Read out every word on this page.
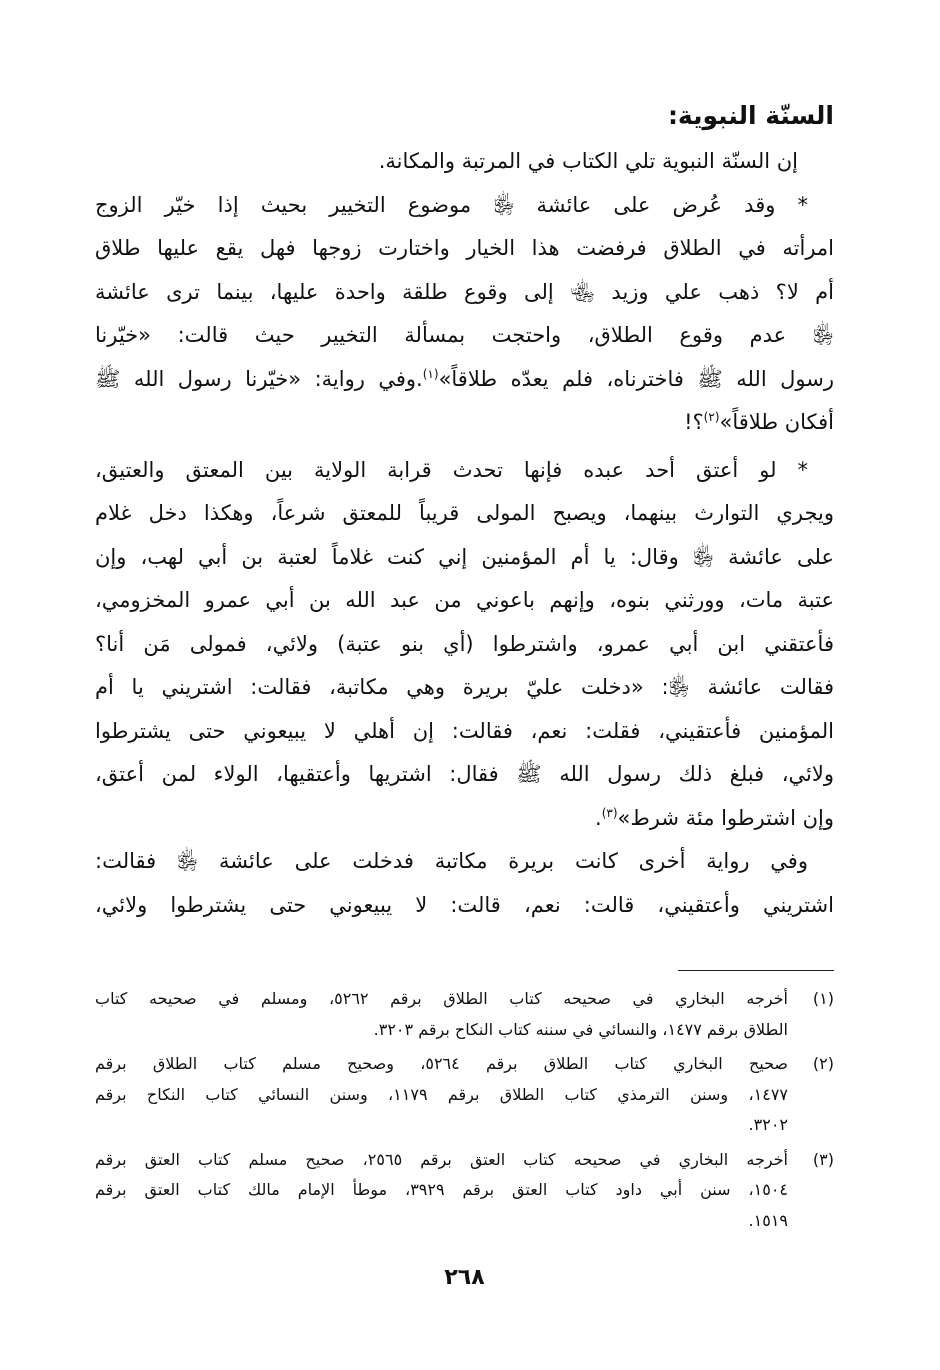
السنّة النبوية:

إن السنّة النبوية تلي الكتاب في المرتبة والمكانة.

* وقد عُرض على عائشة ﵂ موضوع التخيير بحيث إذا خيّر الزوج
امرأته في الطلاق فرفضت هذا الخيار واختارت زوجها فهل يقع عليها طلاق
أم لا؟ ذهب علي وزيد ﵄ إلى وقوع طلقة واحدة عليها، بينما ترى عائشة
﵂ عدم وقوع الطلاق، واحتجت بمسألة التخيير حيث قالت: «خيّرنا
رسول الله ﷺ فاخترناه، فلم يعدّه طلاقاً»$^{(١)}$.وفي رواية: «خيّرنا رسول الله ﷺ
أفكان طلاقاً»$^{(٢)}$؟!

* لو أعتق أحد عبده فإنها تحدث قرابة الولاية بين المعتق والعتيق،
ويجري التوارث بينهما، ويصبح المولى قريباً للمعتق شرعاً، وهكذا دخل غلام
على عائشة ﵂ وقال: يا أم المؤمنين إني كنت غلاماً لعتبة بن أبي لهب، وإن
عتبة مات، وورثني بنوه، وإنهم باعوني من عبد الله بن أبي عمرو المخزومي،
فأعتقني ابن أبي عمرو، واشترطوا (أي بنو عتبة) ولائي، فمولى مَن أنا؟
فقالت عائشة ﵂: «دخلت عليّ بريرة وهي مكاتبة، فقالت: اشتريني يا أم
المؤمنين فأعتقيني، فقلت: نعم، فقالت: إن أهلي لا يبيعوني حتى يشترطوا
ولائي، فبلغ ذلك رسول الله ﷺ فقال: اشتريها وأعتقيها، الولاء لمن أعتق،
وإن اشترطوا مئة شرط»$^{(٣)}$.

وفي رواية أخرى كانت بريرة مكاتبة فدخلت على عائشة ﵂ فقالت:
اشتريني وأعتقيني، قالت: نعم، قالت: لا يبيعوني حتى يشترطوا ولائي،

(١)
أخرجه البخاري في صحيحه كتاب الطلاق برقم ٥٢٦٢، ومسلم في صحيحه كتاب
الطلاق برقم ١٤٧٧، والنسائي في سننه كتاب النكاح برقم ٣٢٠٣.
(٢)
صحيح البخاري كتاب الطلاق برقم ٥٢٦٤، وصحيح مسلم كتاب الطلاق برقم
١٤٧٧، وسنن الترمذي كتاب الطلاق برقم ١١٧٩، وسنن النسائي كتاب النكاح برقم
٣٢٠٢.
(٣)
أخرجه البخاري في صحيحه كتاب العتق برقم ٢٥٦٥، صحيح مسلم كتاب العتق برقم
١٥٠٤، سنن أبي داود كتاب العتق برقم ٣٩٢٩، موطأ الإمام مالك كتاب العتق برقم
١٥١٩.
٢٦٨
